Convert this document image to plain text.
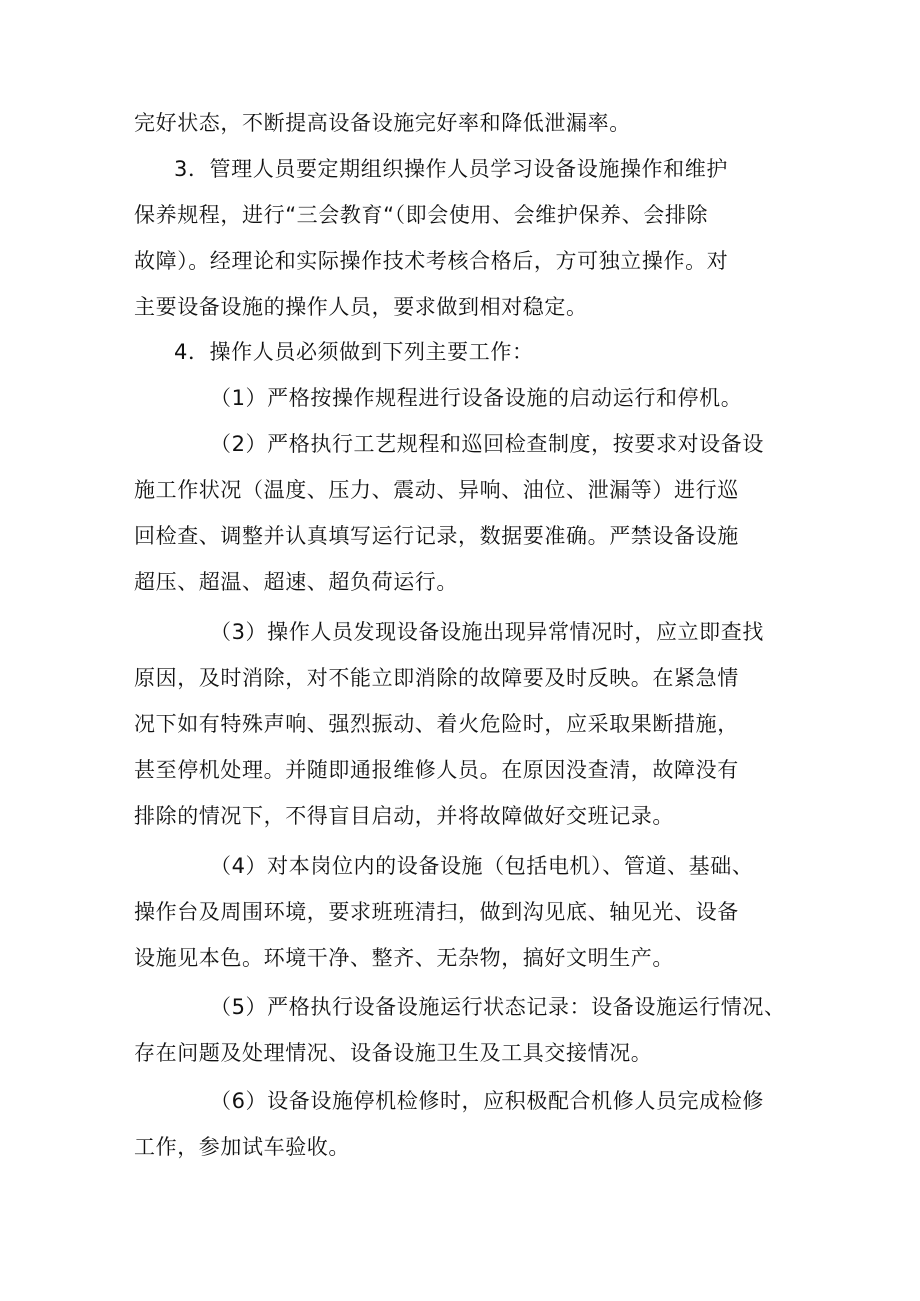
完好状态，不断提高设备设施完好率和降低泄漏率。

3．管理人员要定期组织操作人员学习设备设施操作和维护
保养规程，进行“三会教育“（即会使用、会维护保养、会排除
故障）。经理论和实际操作技术考核合格后，方可独立操作。对
主要设备设施的操作人员，要求做到相对稳定。

4．操作人员必须做到下列主要工作：

（1）严格按操作规程进行设备设施的启动运行和停机。

（2）严格执行工艺规程和巡回检查制度，按要求对设备设
施工作状况（温度、压力、震动、异响、油位、泄漏等）进行巡
回检查、调整并认真填写运行记录，数据要准确。严禁设备设施
超压、超温、超速、超负荷运行。

（3）操作人员发现设备设施出现异常情况时，应立即查找
原因，及时消除，对不能立即消除的故障要及时反映。在紧急情
况下如有特殊声响、强烈振动、着火危险时，应采取果断措施，
甚至停机处理。并随即通报维修人员。在原因没查清，故障没有
排除的情况下，不得盲目启动，并将故障做好交班记录。

（4）对本岗位内的设备设施（包括电机）、管道、基础、
操作台及周围环境，要求班班清扫，做到沟见底、轴见光、设备
设施见本色。环境干净、整齐、无杂物，搞好文明生产。

（5）严格执行设备设施运行状态记录：设备设施运行情况、
存在问题及处理情况、设备设施卫生及工具交接情况。

（6）设备设施停机检修时，应积极配合机修人员完成检修
工作，参加试车验收。
